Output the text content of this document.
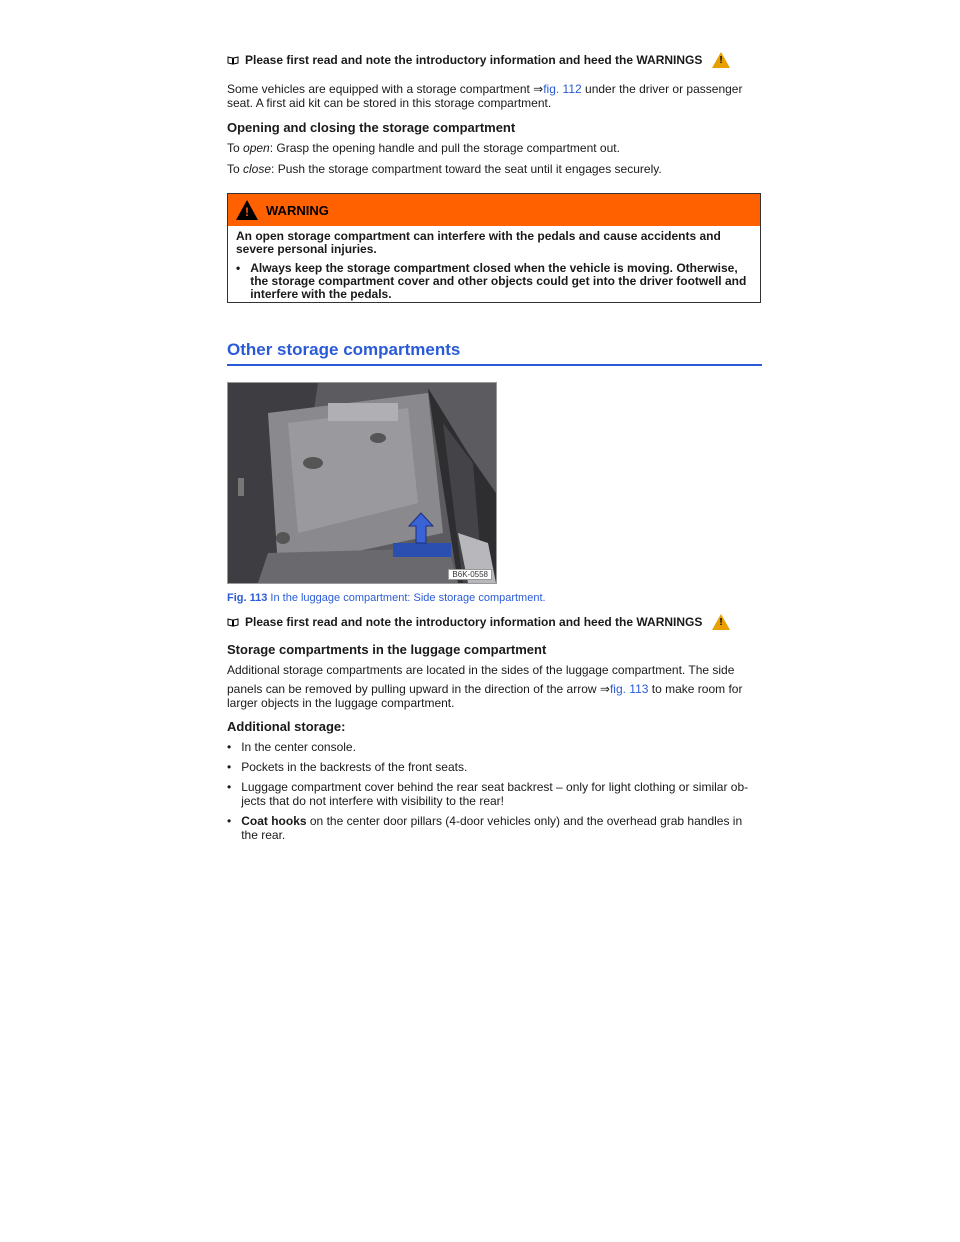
Please first read and note the introductory information and heed the WARNINGS
!

Some vehicles are equipped with a storage compartment ⇒fig. 112 under the driver or passenger seat. A first aid kit can be stored in this storage compartment.

Opening and closing the storage compartment

To open: Grasp the opening handle and pull the storage compartment out.

To close: Push the storage compartment toward the seat until it engages securely.

!
WARNING

An open storage compartment can interfere with the pedals and cause accidents and severe personal injuries.

• Always keep the storage compartment closed when the vehicle is moving. Otherwise, the storage compartment cover and other objects could get into the driver footwell and interfere with the pedals.
Other storage compartments
B6K-0558
Fig. 113 In the luggage compartment: Side storage compartment.
Please first read and note the introductory information and heed the WARNINGS
!
Storage compartments in the luggage compartment

Additional storage compartments are located in the sides of the luggage compartment. The side

panels can be removed by pulling upward in the direction of the arrow ⇒fig. 113 to make room for larger objects in the luggage compartment.

Additional storage:
• In the center console.
• Pockets in the backrests of the front seats.
• Luggage compartment cover behind the rear seat backrest – only for light clothing or similar ob-jects that do not interfere with visibility to the rear!
• Coat hooks on the center door pillars (4-door vehicles only) and the overhead grab handles in the rear.
